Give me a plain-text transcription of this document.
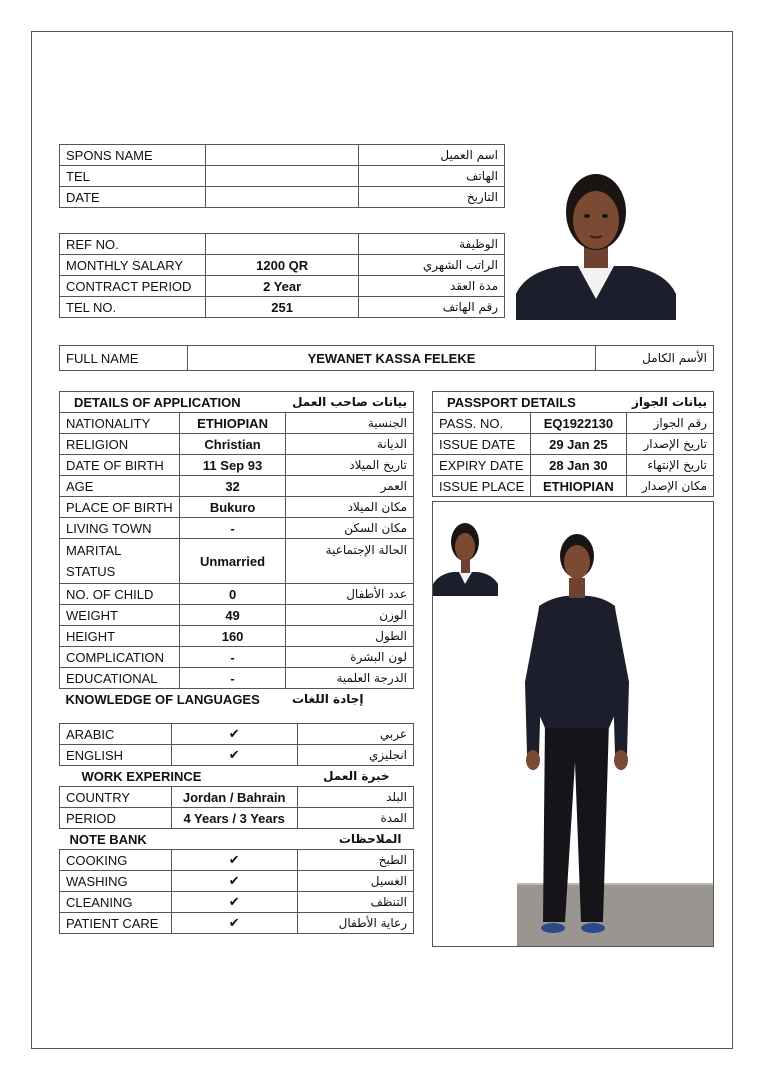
SPONS NAME		اسم العميل
TEL		الهاتف
DATE		التاريخ
REF NO.		الوظيفة
MONTHLY SALARY	1200 QR	الراتب الشهري
CONTRACT PERIOD	2 Year	مدة العقد
TEL NO.	251	رقم الهاتف
FULL NAME	YEWANET KASSA FELEKE	الأسم الكامل
DETAILS OF APPLICATION		بيانات صاحب العمل
NATIONALITY	ETHIOPIAN	الجنسية
RELIGION	Christian	الديانة
DATE OF BIRTH	11 Sep 93	تاريخ الميلاد
AGE	32	العمر
PLACE OF BIRTH	Bukuro	مكان الميلاد
LIVING TOWN	-	مكان السكن
MARITAL STATUS	Unmarried	الحالة الإجتماعية
NO. OF CHILD	0	عدد الأطفال
WEIGHT	49	الوزن
HEIGHT	160	الطول
COMPLICATION	-	لون البشرة
EDUCATIONAL	-	الدرجة العلمية
KNOWLEDGE OF LANGUAGES		إجادة اللغات
ARABIC	✔	عربي
ENGLISH	✔	انجليزي
WORK EXPERINCE		خبرة العمل
COUNTRY	Jordan / Bahrain	البلد
PERIOD	4 Years / 3 Years	المدة
NOTE BANK		الملاحظات
COOKING	✔	الطبخ
WASHING	✔	الغسيل
CLEANING	✔	التنظف
PATIENT CARE	✔	رعاية الأطفال
PASSPORT DETAILS		بيانات الجواز
PASS. NO.	EQ1922130	رقم الجواز
ISSUE DATE	29 Jan 25	تاريخ الإصدار
EXPIRY DATE	28 Jan 30	تاريخ الإنتهاء
ISSUE PLACE	ETHIOPIAN	مكان الإصدار
